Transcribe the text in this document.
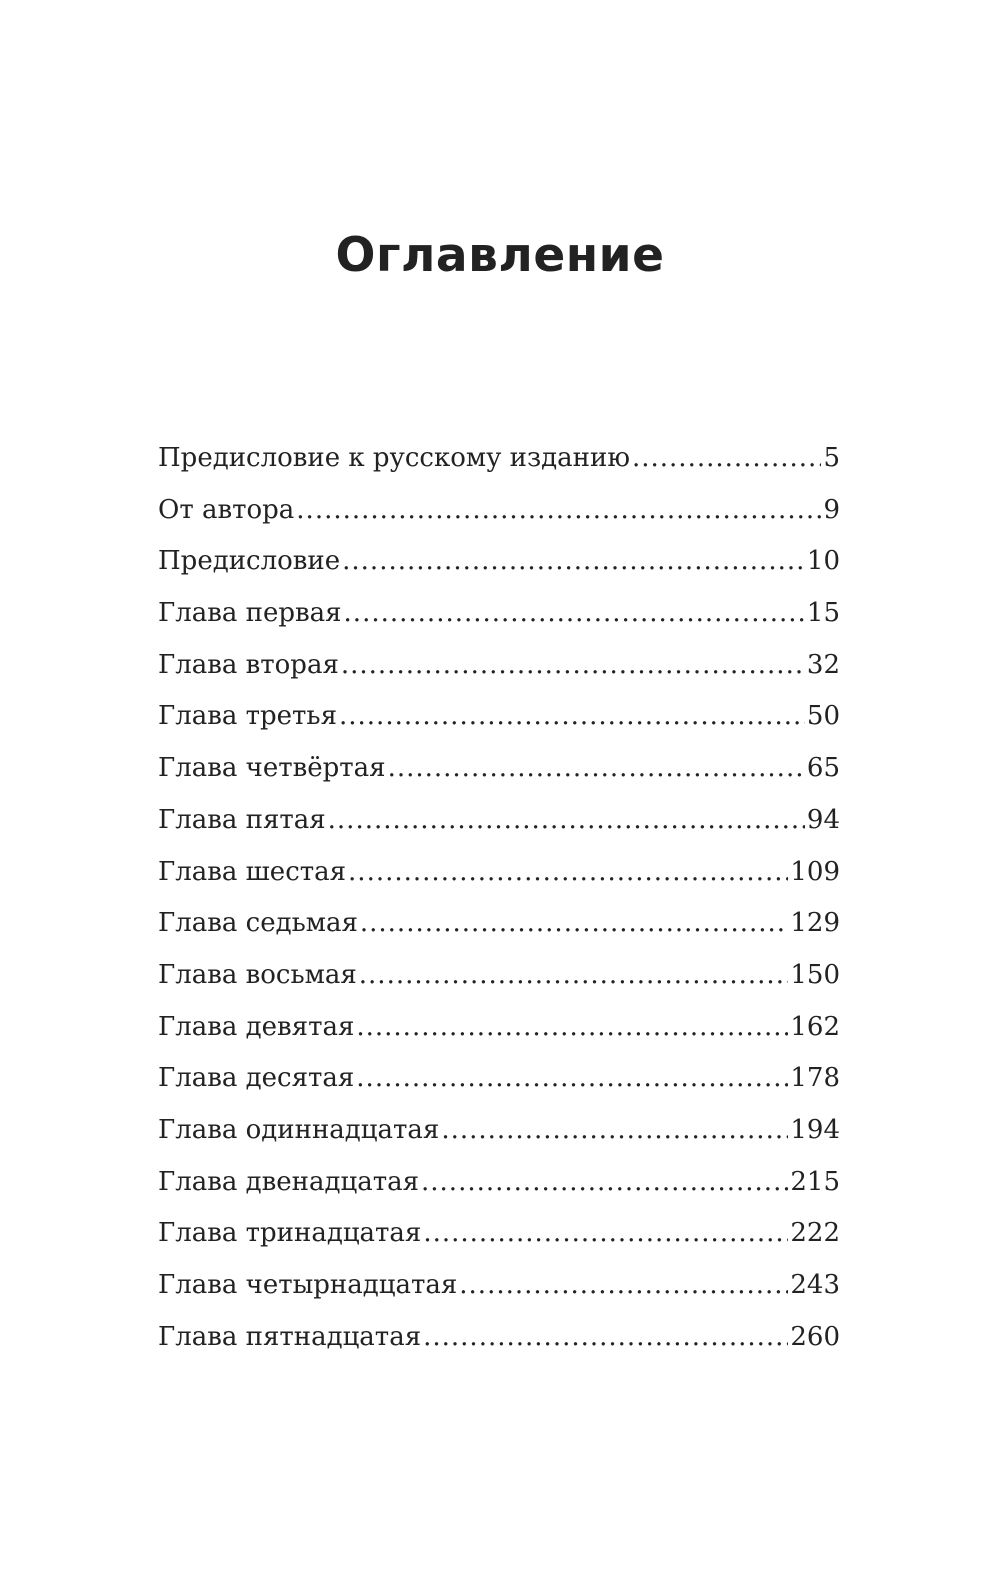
Оглавление
Предисловие к русскому изданию .....	5
От автора .....	9
Предисловие .....	10
Глава первая .....	15
Глава вторая .....	32
Глава третья .....	50
Глава четвёртая .....	65
Глава пятая .....	94
Глава шестая .....	109
Глава седьмая .....	129
Глава восьмая .....	150
Глава девятая .....	162
Глава десятая .....	178
Глава одиннадцатая .....	194
Глава двенадцатая .....	215
Глава тринадцатая .....	222
Глава четырнадцатая .....	243
Глава пятнадцатая .....	260
